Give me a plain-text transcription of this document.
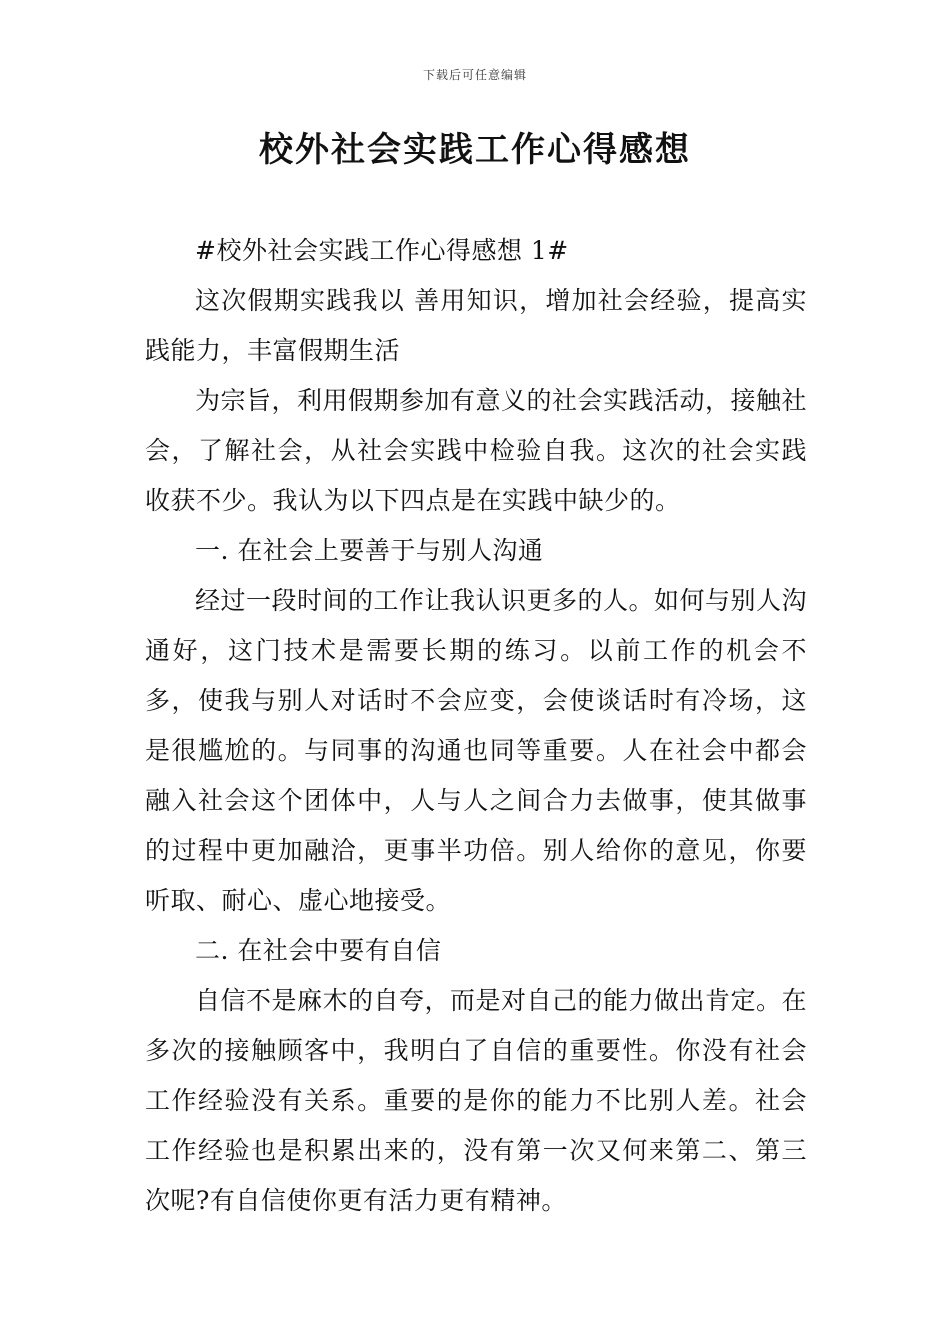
下载后可任意编辑
校外社会实践工作心得感想

#校外社会实践工作心得感想 1#

这次假期实践我以 善用知识，增加社会经验，提高实践能力，丰富假期生活

为宗旨，利用假期参加有意义的社会实践活动，接触社会，了解社会，从社会实践中检验自我。这次的社会实践收获不少。我认为以下四点是在实践中缺少的。

一. 在社会上要善于与别人沟通

经过一段时间的工作让我认识更多的人。如何与别人沟通好，这门技术是需要长期的练习。以前工作的机会不多，使我与别人对话时不会应变，会使谈话时有冷场，这是很尴尬的。与同事的沟通也同等重要。人在社会中都会融入社会这个团体中，人与人之间合力去做事，使其做事的过程中更加融洽，更事半功倍。别人给你的意见，你要听取、耐心、虚心地接受。

二. 在社会中要有自信

自信不是麻木的自夸，而是对自己的能力做出肯定。在多次的接触顾客中，我明白了自信的重要性。你没有社会工作经验没有关系。重要的是你的能力不比别人差。社会工作经验也是积累出来的，没有第一次又何来第二、第三次呢?有自信使你更有活力更有精神。
